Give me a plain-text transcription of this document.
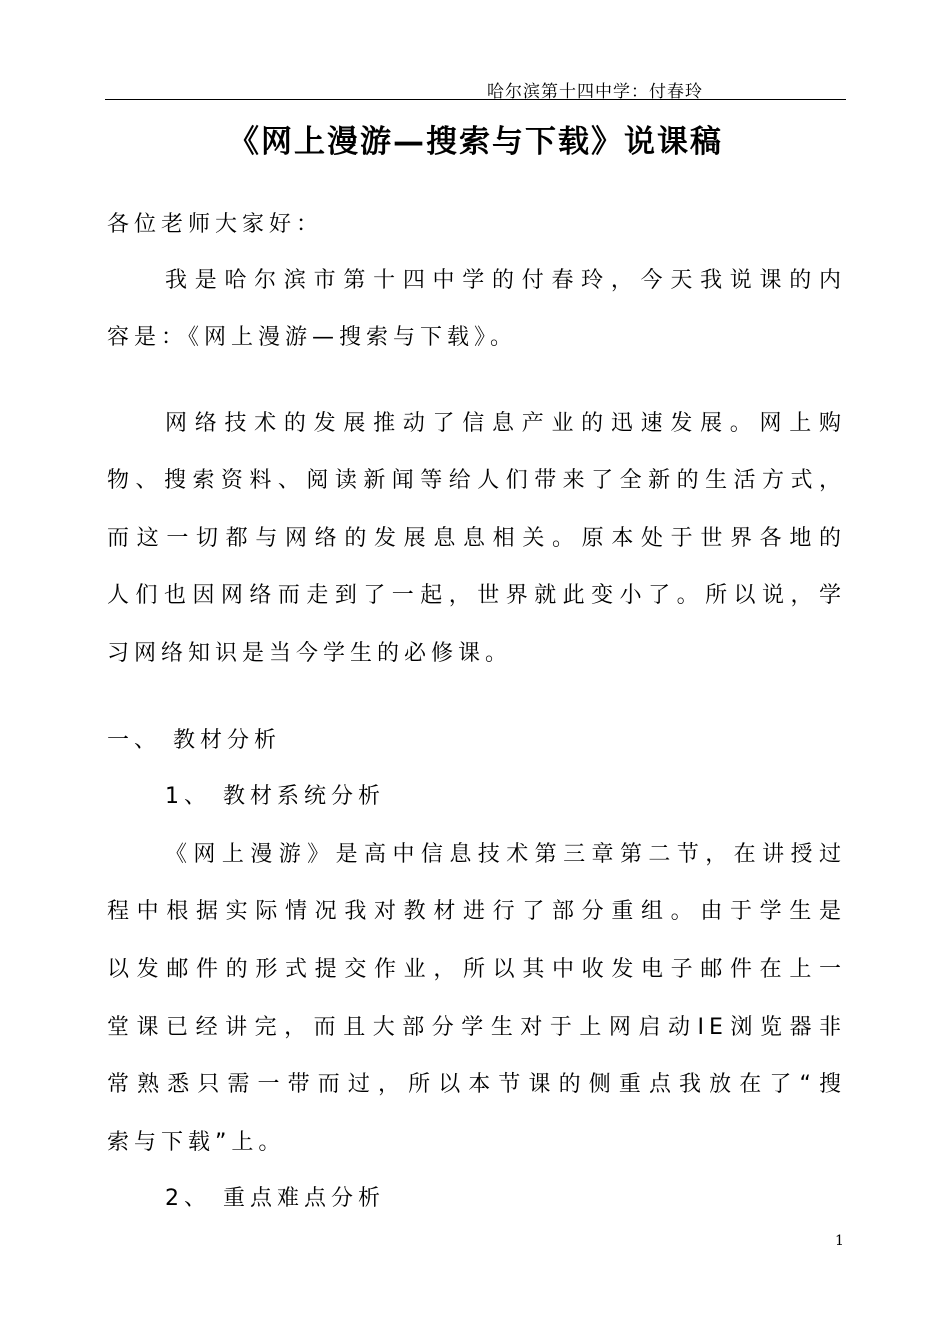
哈尔滨第十四中学：付春玲
《网上漫游—搜索与下载》说课稿
各位老师大家好：
我是哈尔滨市第十四中学的付春玲，今天我说课的内
容是：《网上漫游—搜索与下载》。
网络技术的发展推动了信息产业的迅速发展。网上购
物、搜索资料、阅读新闻等给人们带来了全新的生活方式，
而这一切都与网络的发展息息相关。原本处于世界各地的
人们也因网络而走到了一起，世界就此变小了。所以说，学
习网络知识是当今学生的必修课。
一、 教材分析
1、 教材系统分析
《网上漫游》是高中信息技术第三章第二节，在讲授过
程中根据实际情况我对教材进行了部分重组。由于学生是
以发邮件的形式提交作业，所以其中收发电子邮件在上一
堂课已经讲完，而且大部分学生对于上网启动IE浏览器非
常熟悉只需一带而过，所以本节课的侧重点我放在了“搜
索与下载”上。
2、 重点难点分析
1
